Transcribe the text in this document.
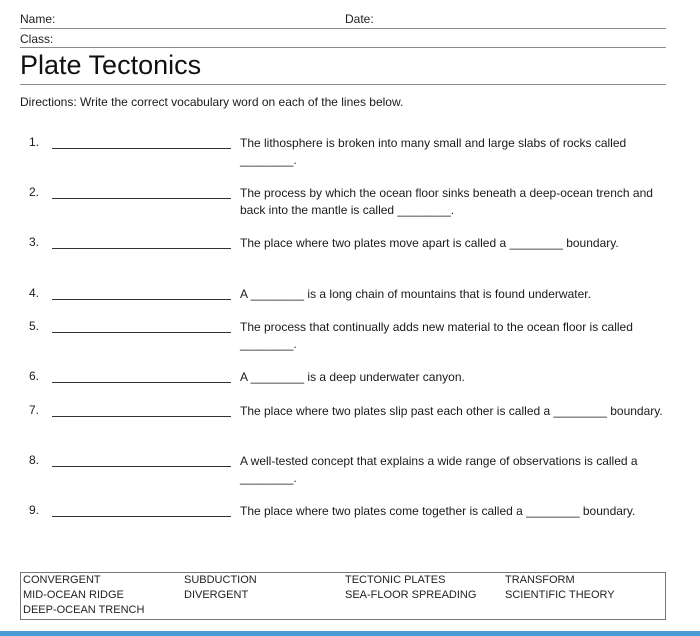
Name:	Date:
Class:
Plate Tectonics
Directions: Write the correct vocabulary word on each of the lines below.
1.	The lithosphere is broken into many small and large slabs of rocks called ________.
2.	The process by which the ocean floor sinks beneath a deep-ocean trench and back into the mantle is called ________.
3.	The place where two plates move apart is called a ________ boundary.
4.	A ________ is a long chain of mountains that is found underwater.
5.	The process that continually adds new material to the ocean floor is called ________.
6.	A ________ is a deep underwater canyon.
7.	The place where two plates slip past each other is called a ________ boundary.
8.	A well-tested concept that explains a wide range of observations is called a ________.
9.	The place where two plates come together is called a ________ boundary.
CONVERGENT	SUBDUCTION	TECTONIC PLATES	TRANSFORM
MID-OCEAN RIDGE	DIVERGENT	SEA-FLOOR SPREADING	SCIENTIFIC THEORY
DEEP-OCEAN TRENCH
